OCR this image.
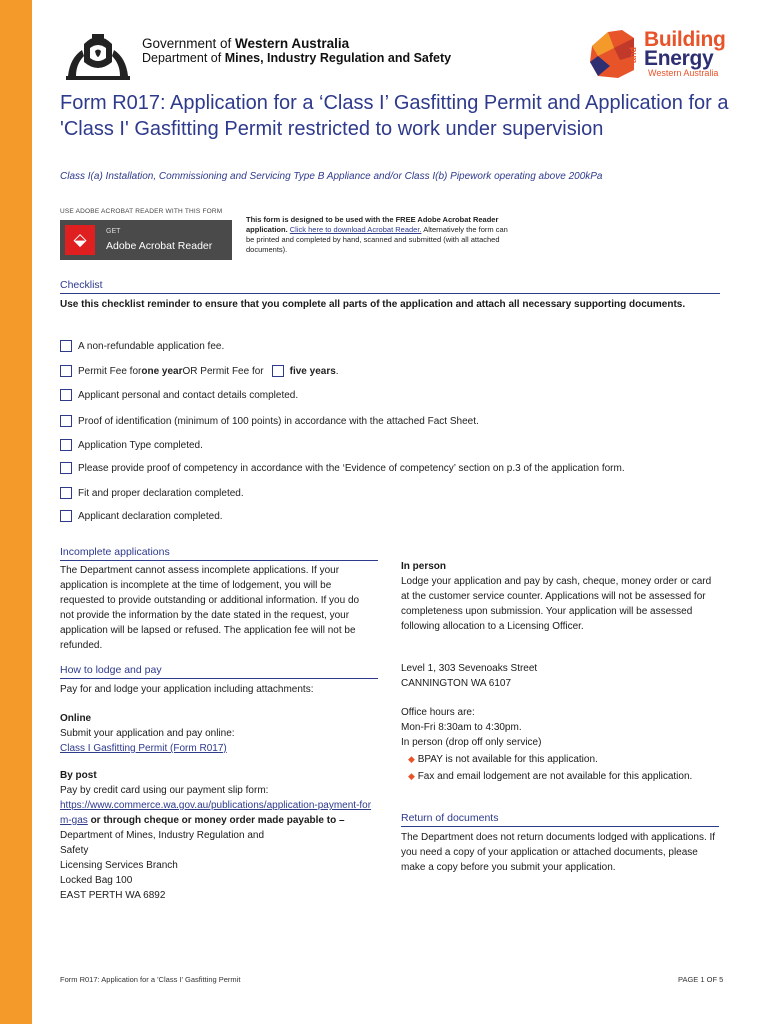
Government of Western Australia
Department of Mines, Industry Regulation and Safety
Building
and Energy
Western Australia
Form R017: Application for a ‘Class I’ Gasfitting Permit and Application for a 'Class I' Gasfitting Permit restricted to work under supervision
Class I(a) Installation, Commissioning and Servicing Type B Appliance and/or Class I(b) Pipework operating above 200kPa
USE ADOBE ACROBAT READER WITH THIS FORM
⬙	GET
Adobe Acrobat Reader
This form is designed to be used with the FREE Adobe Acrobat Reader application. Click here to download Acrobat Reader. Alternatively the form can be printed and completed by hand, scanned and submitted (with all attached documents).
Checklist
Use this checklist reminder to ensure that you complete all parts of the application and attach all necessary supporting documents.
A non-refundable application fee.
Permit Fee for one year OR Permit Fee for	five years .
Applicant personal and contact details completed.
Proof of identification (minimum of 100 points) in accordance with the attached Fact Sheet.
Application Type completed.
Please provide proof of competency in accordance with the ‘Evidence of competency’ section on p.3 of the application form.
Fit and proper declaration completed.
Applicant declaration completed.
Incomplete applications
The Department cannot assess incomplete applications. If your application is incomplete at the time of lodgement, you will be requested to provide outstanding or additional information. If you do not provide the information by the date stated in the request, your application will be lapsed or refused. The application fee will not be refunded.
How to lodge and pay
Pay for and lodge your application including attachments:
Online
Submit your application and pay online:
Class I Gasfitting Permit (Form R017)
By post
Pay by credit card using our payment slip form:
https://www.commerce.wa.gov.au/publications/application-payment-form-gas or through cheque or money order made payable to –
Department of Mines, Industry Regulation and
Safety
Licensing Services Branch
Locked Bag 100
EAST PERTH WA 6892
In person
Lodge your application and pay by cash, cheque, money order or card at the customer service counter. Applications will not be assessed for completeness upon submission. Your application will be assessed following allocation to a Licensing Officer.
Level 1, 303 Sevenoaks Street
CANNINGTON WA 6107
Office hours are:
Mon-Fri 8:30am to 4:30pm.
In person (drop off only service)
◆ BPAY is not available for this application.
◆ Fax and email lodgement are not available for this application.
Return of documents
The Department does not return documents lodged with applications. If you need a copy of your application or attached documents, please make a copy before you submit your application.
Form R017: Application for a 'Class I' Gasfitting Permit	PAGE 1 OF 5
